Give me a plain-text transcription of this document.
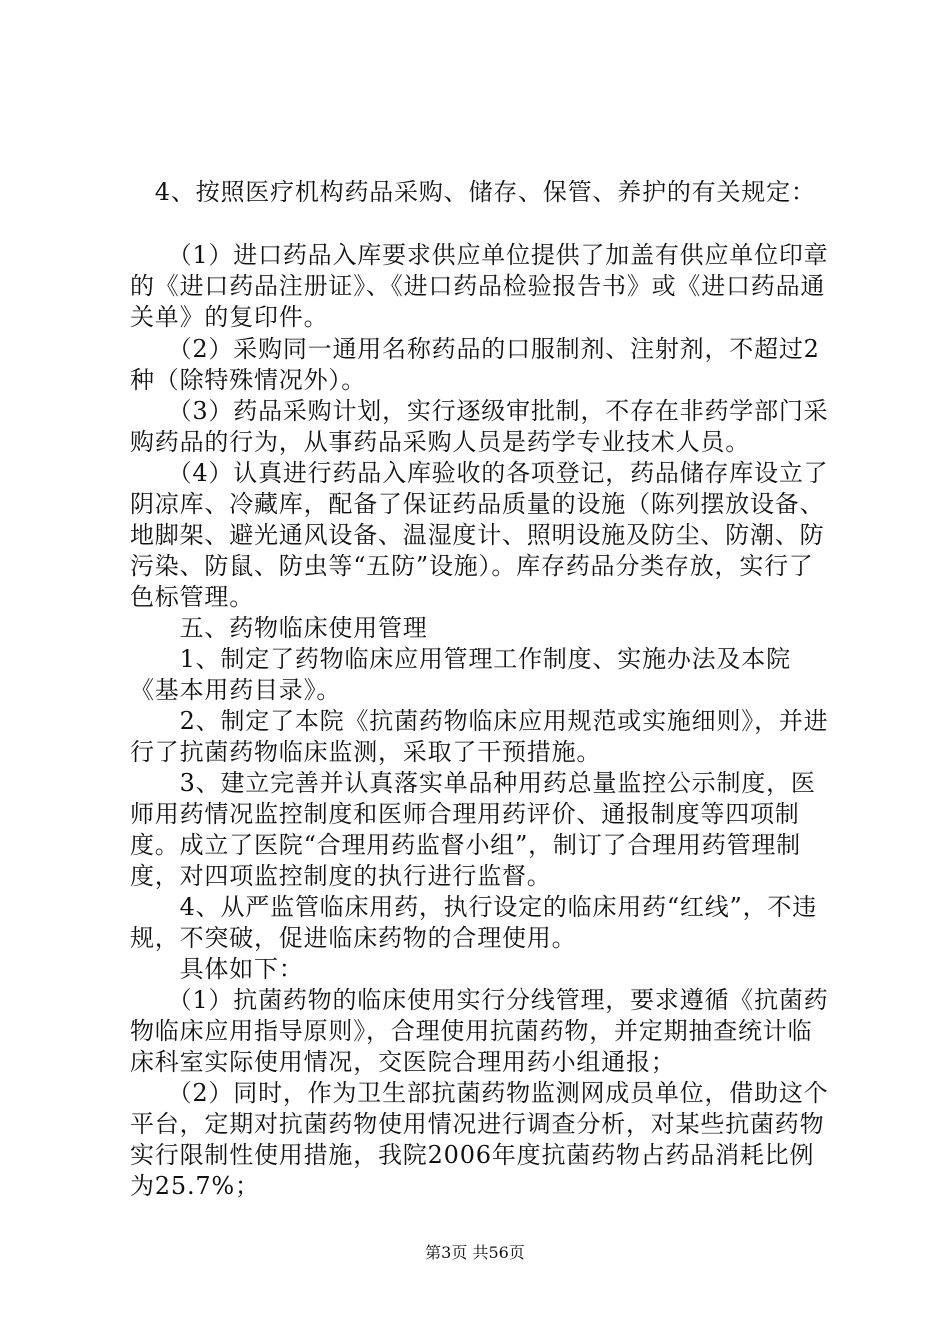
　4、按照医疗机构药品采购、储存、保管、养护的有关规定：

　　（1）进口药品入库要求供应单位提供了加盖有供应单位印章的《进口药品注册证》、《进口药品检验报告书》或《进口药品通关单》的复印件。

　　（2）采购同一通用名称药品的口服制剂、注射剂，不超过2种（除特殊情况外）。

　　（3）药品采购计划，实行逐级审批制，不存在非药学部门采购药品的行为，从事药品采购人员是药学专业技术人员。

　　（4）认真进行药品入库验收的各项登记，药品储存库设立了阴凉库、冷藏库，配备了保证药品质量的设施（陈列摆放设备、地脚架、避光通风设备、温湿度计、照明设施及防尘、防潮、防污染、防鼠、防虫等“五防”设施）。库存药品分类存放，实行了色标管理。

　　五、药物临床使用管理

　　1、制定了药物临床应用管理工作制度、实施办法及本院《基本用药目录》。

　　2、制定了本院《抗菌药物临床应用规范或实施细则》，并进行了抗菌药物临床监测，采取了干预措施。

　　3、建立完善并认真落实单品种用药总量监控公示制度，医师用药情况监控制度和医师合理用药评价、通报制度等四项制度。成立了医院“合理用药监督小组”，制订了合理用药管理制度，对四项监控制度的执行进行监督。

　　4、从严监管临床用药，执行设定的临床用药“红线”，不违规，不突破，促进临床药物的合理使用。

　　具体如下：

　　（1）抗菌药物的临床使用实行分线管理，要求遵循《抗菌药物临床应用指导原则》，合理使用抗菌药物，并定期抽查统计临床科室实际使用情况，交医院合理用药小组通报；

　　（2）同时，作为卫生部抗菌药物监测网成员单位，借助这个平台，定期对抗菌药物使用情况进行调查分析，对某些抗菌药物实行限制性使用措施，我院2006年度抗菌药物占药品消耗比例为25.7%；

第3页 共56页
